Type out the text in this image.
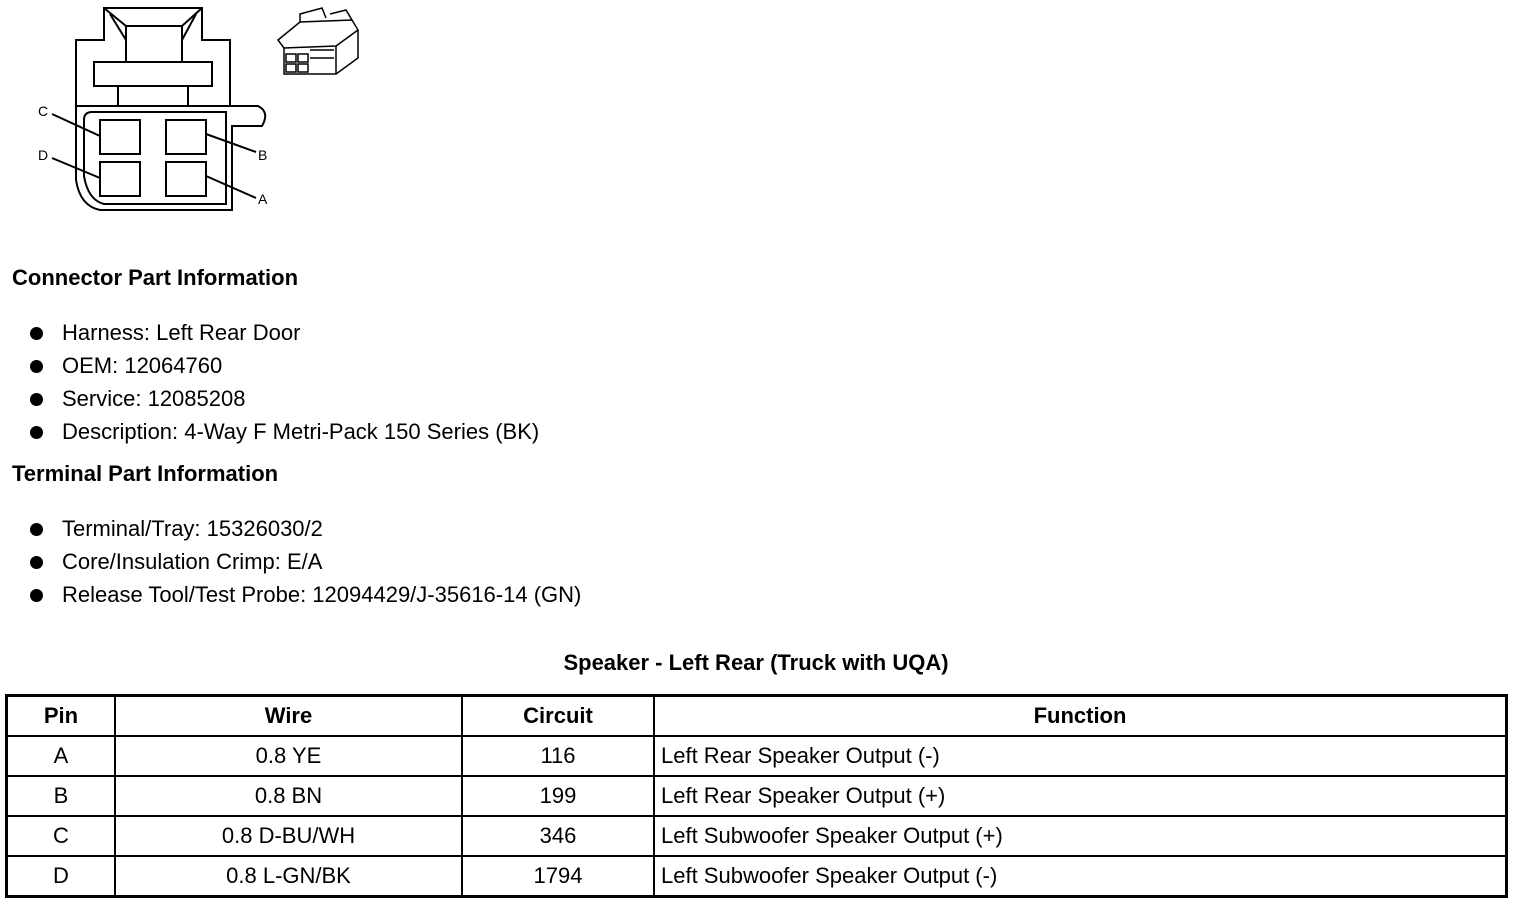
C
B
D
A
Connector Part Information
Harness: Left Rear Door
OEM: 12064760
Service: 12085208
Description: 4-Way F Metri-Pack 150 Series (BK)
Terminal Part Information
Terminal/Tray: 15326030/2
Core/Insulation Crimp: E/A
Release Tool/Test Probe: 12094429/J-35616-14 (GN)
Speaker - Left Rear (Truck with UQA)
Pin	Wire	Circuit	Function
A	0.8 YE	116	Left Rear Speaker Output (-)
B	0.8 BN	199	Left Rear Speaker Output (+)
C	0.8 D-BU/WH	346	Left Subwoofer Speaker Output (+)
D	0.8 L-GN/BK	1794	Left Subwoofer Speaker Output (-)
